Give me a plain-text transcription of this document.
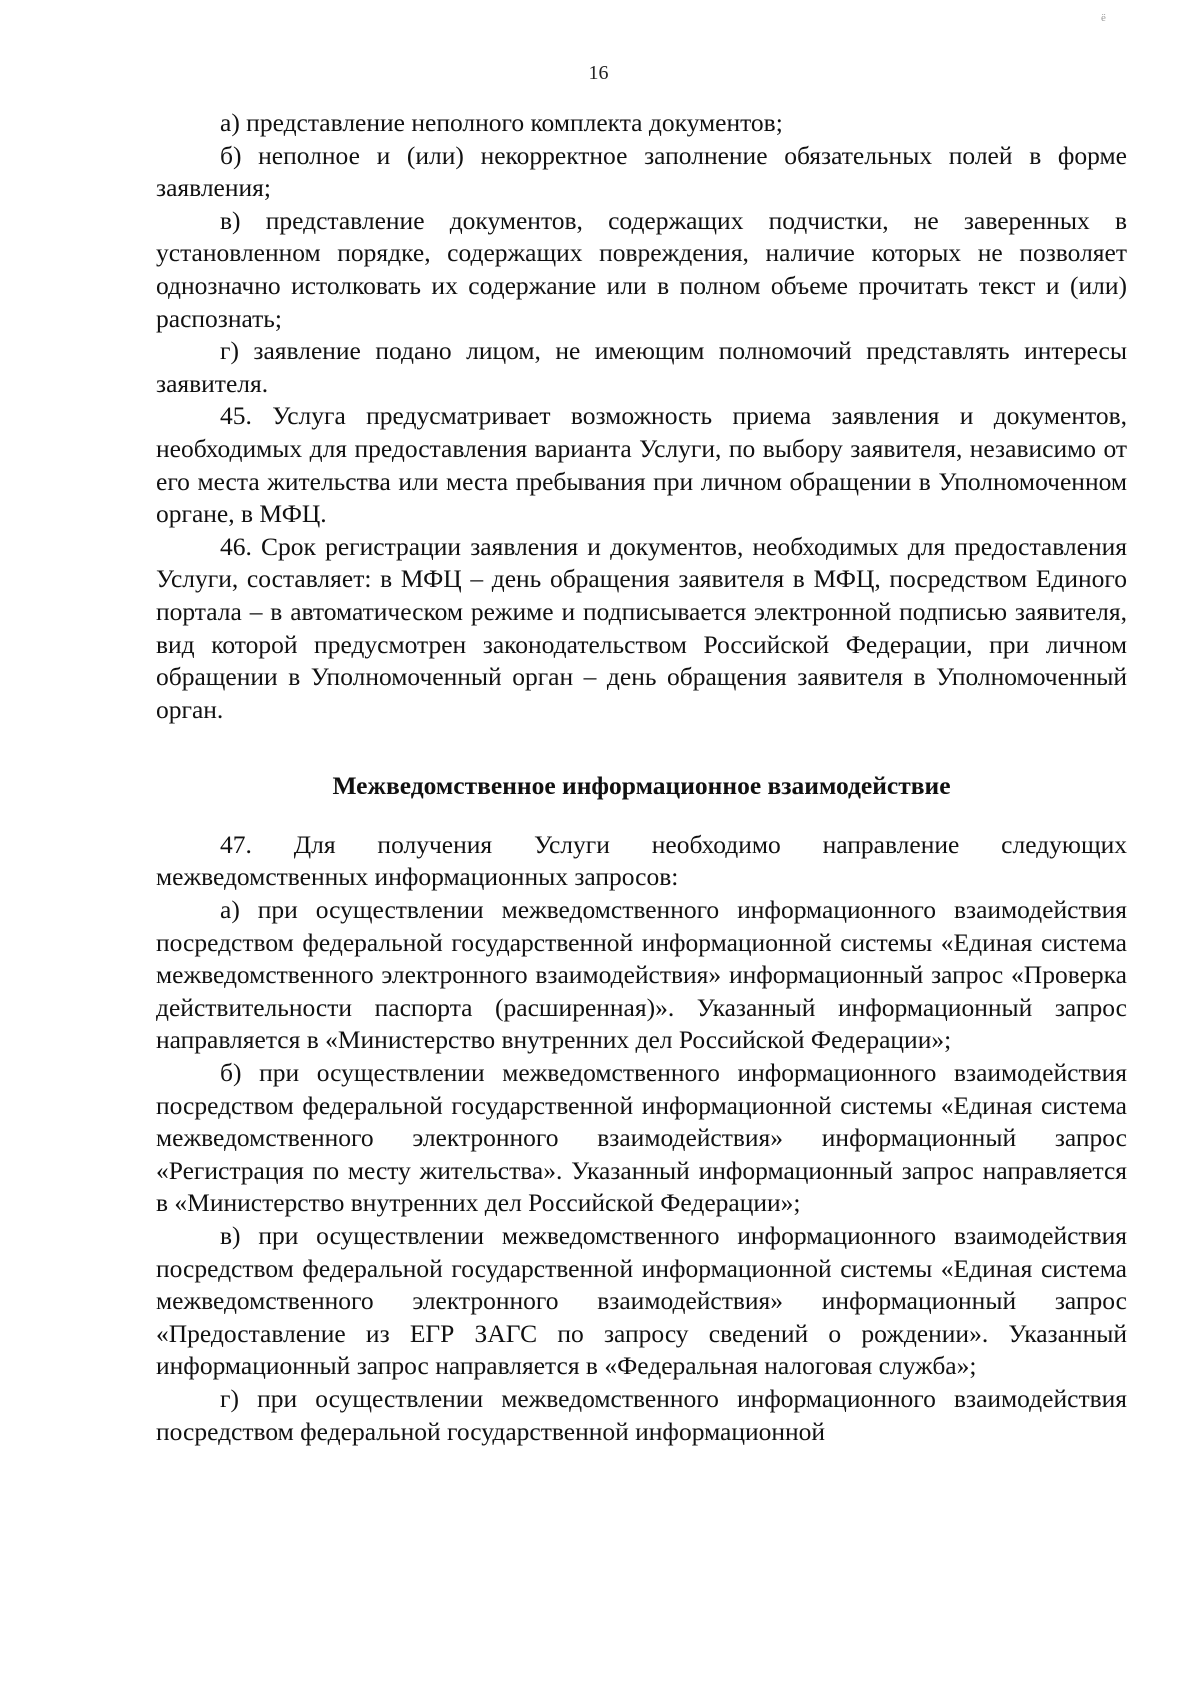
ё
16

а) представление неполного комплекта документов;

б) неполное и (или) некорректное заполнение обязательных полей в форме заявления;

в) представление документов, содержащих подчистки, не заверенных в установленном порядке, содержащих повреждения, наличие которых не позволяет однозначно истолковать их содержание или в полном объеме прочитать текст и (или) распознать;

г) заявление подано лицом, не имеющим полномочий представлять интересы заявителя.

45. Услуга предусматривает возможность приема заявления и документов, необходимых для предоставления варианта Услуги, по выбору заявителя, независимо от его места жительства или места пребывания при личном обращении в Уполномоченном органе, в МФЦ.

46. Срок регистрации заявления и документов, необходимых для предоставления Услуги, составляет: в МФЦ – день обращения заявителя в МФЦ, посредством Единого портала – в автоматическом режиме и подписывается электронной подписью заявителя, вид которой предусмотрен законодательством Российской Федерации, при личном обращении в Уполномоченный орган – день обращения заявителя в Уполномоченный орган.

Межведомственное информационное взаимодействие

47. Для получения Услуги необходимо направление следующих межведомственных информационных запросов:

а) при осуществлении межведомственного информационного взаимодействия посредством федеральной государственной информационной системы «Единая система межведомственного электронного взаимодействия» информационный запрос «Проверка действительности паспорта (расширенная)». Указанный информационный запрос направляется в «Министерство внутренних дел Российской Федерации»;

б) при осуществлении межведомственного информационного взаимодействия посредством федеральной государственной информационной системы «Единая система межведомственного электронного взаимодействия» информационный запрос «Регистрация по месту жительства». Указанный информационный запрос направляется в «Министерство внутренних дел Российской Федерации»;

в) при осуществлении межведомственного информационного взаимодействия посредством федеральной государственной информационной системы «Единая система межведомственного электронного взаимодействия» информационный запрос «Предоставление из ЕГР ЗАГС по запросу сведений о рождении». Указанный информационный запрос направляется в «Федеральная налоговая служба»;

г) при осуществлении межведомственного информационного взаимодействия посредством федеральной государственной информационной
